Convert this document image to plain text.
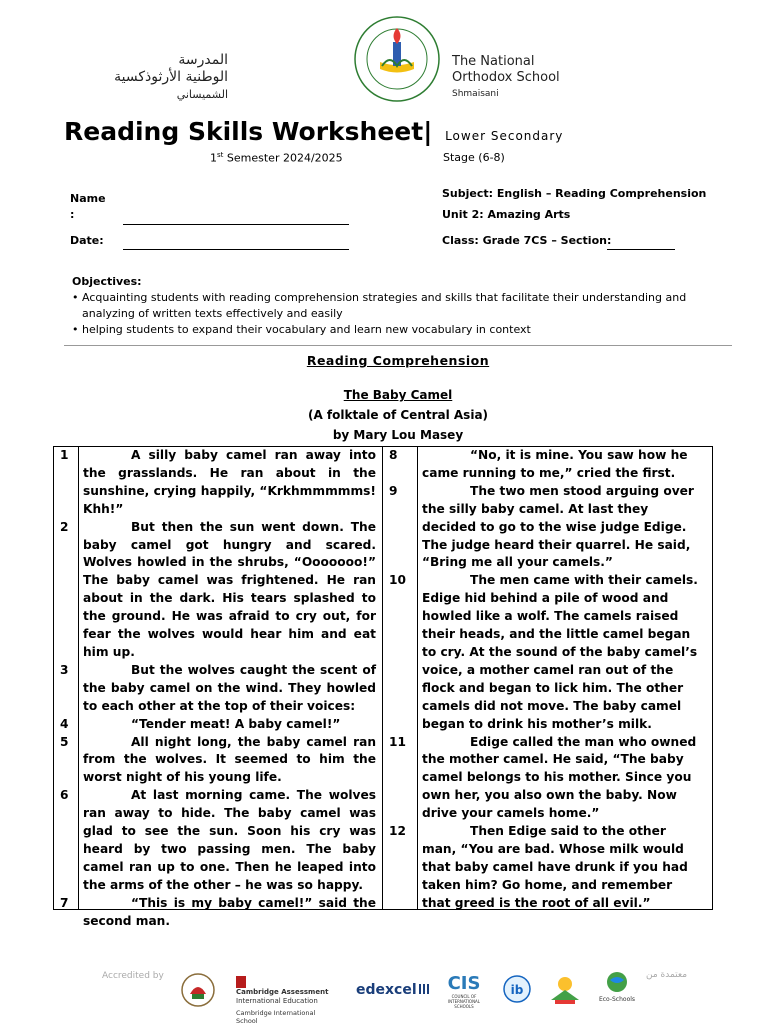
المدرسة
الوطنية الأرثوذكسية
الشميساني
The National
Orthodox School
Shmaisani
Reading Skills Worksheet| Lower Secondary
1st Semester 2024/2025	Stage (6-8)
Name
:
Date:
Subject: English – Reading Comprehension
Unit 2: Amazing Arts
Class: Grade 7CS – Section:
Objectives:
• Acquainting students with reading comprehension strategies and skills that facilitate their understanding and analyzing of written texts effectively and easily
• helping students to expand their vocabulary and learn new vocabulary in context
Reading Comprehension
The Baby Camel
(A folktale of Central Asia)
by Mary Lou Masey
1	A silly baby camel ran away into the grasslands. He ran about in the sunshine, crying happily, “Krkhmmmmms! Khh!”
2	But then the sun went down. The baby camel got hungry and scared. Wolves howled in the shrubs, “Ooooooo!” The baby camel was frightened. He ran about in the dark. His tears splashed to the ground. He was afraid to cry out, for fear the wolves would hear him and eat him up.
3	But the wolves caught the scent of the baby camel on the wind. They howled to each other at the top of their voices:
4	“Tender meat! A baby camel!”
5	All night long, the baby camel ran from the wolves. It seemed to him the worst night of his young life.
6	At last morning came. The wolves ran away to hide. The baby camel was glad to see the sun. Soon his cry was heard by two passing men. The baby camel ran up to one. Then he leaped into the arms of the other – he was so happy.
7	“This is my baby camel!” said the second man.
8	“No, it is mine. You saw how he came running to me,” cried the first.
9	The two men stood arguing over the silly baby camel. At last they decided to go to the wise judge Edige. The judge heard their quarrel. He said, “Bring me all your camels.”
10	The men came with their camels. Edige hid behind a pile of wood and howled like a wolf. The camels raised their heads, and the little camel began to cry. At the sound of the baby camel’s voice, a mother camel ran out of the flock and began to lick him. The other camels did not move. The baby camel began to drink his mother’s milk.
11	Edige called the man who owned the mother camel. He said, “The baby camel belongs to his mother. Since you own her, you also own the baby. Now drive your camels home.”
12	Then Edige said to the other man, “You are bad. Whose milk would that baby camel have drunk if you had taken him? Go home, and remember that greed is the root of all evil.”
Accredited by
Cambridge Assessment
International Education
Cambridge International School
edexcel	CIS
COUNCIL OF INTERNATIONAL SCHOOLS
ib
Eco-Schools
معتمدة من
